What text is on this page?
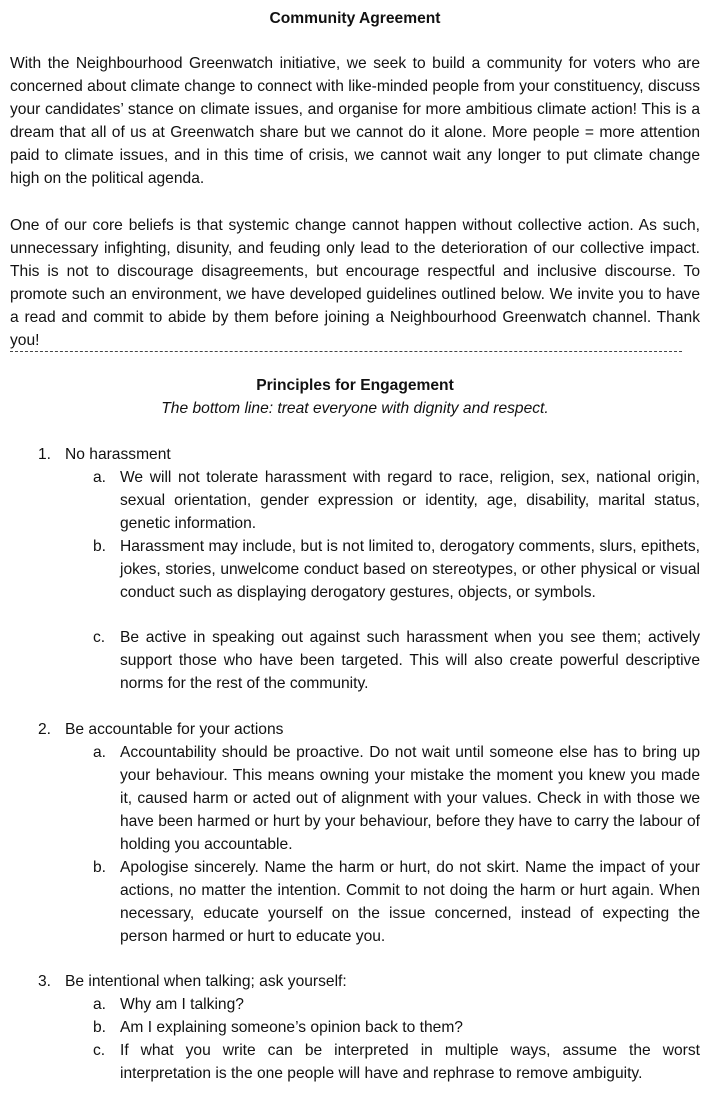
Community Agreement
With the Neighbourhood Greenwatch initiative, we seek to build a community for voters who are concerned about climate change to connect with like-minded people from your constituency, discuss your candidates’ stance on climate issues, and organise for more ambitious climate action! This is a dream that all of us at Greenwatch share but we cannot do it alone. More people = more attention paid to climate issues, and in this time of crisis, we cannot wait any longer to put climate change high on the political agenda.
One of our core beliefs is that systemic change cannot happen without collective action. As such, unnecessary infighting, disunity, and feuding only lead to the deterioration of our collective impact. This is not to discourage disagreements, but encourage respectful and inclusive discourse. To promote such an environment, we have developed guidelines outlined below. We invite you to have a read and commit to abide by them before joining a Neighbourhood Greenwatch channel. Thank you!
Principles for Engagement
The bottom line: treat everyone with dignity and respect.
1. No harassment
a. We will not tolerate harassment with regard to race, religion, sex, national origin, sexual orientation, gender expression or identity, age, disability, marital status, genetic information.
b. Harassment may include, but is not limited to, derogatory comments, slurs, epithets, jokes, stories, unwelcome conduct based on stereotypes, or other physical or visual conduct such as displaying derogatory gestures, objects, or symbols.
c. Be active in speaking out against such harassment when you see them; actively support those who have been targeted. This will also create powerful descriptive norms for the rest of the community.
2. Be accountable for your actions
a. Accountability should be proactive. Do not wait until someone else has to bring up your behaviour. This means owning your mistake the moment you knew you made it, caused harm or acted out of alignment with your values. Check in with those we have been harmed or hurt by your behaviour, before they have to carry the labour of holding you accountable.
b. Apologise sincerely. Name the harm or hurt, do not skirt. Name the impact of your actions, no matter the intention. Commit to not doing the harm or hurt again. When necessary, educate yourself on the issue concerned, instead of expecting the person harmed or hurt to educate you.
3. Be intentional when talking; ask yourself:
a. Why am I talking?
b. Am I explaining someone’s opinion back to them?
c. If what you write can be interpreted in multiple ways, assume the worst interpretation is the one people will have and rephrase to remove ambiguity.
